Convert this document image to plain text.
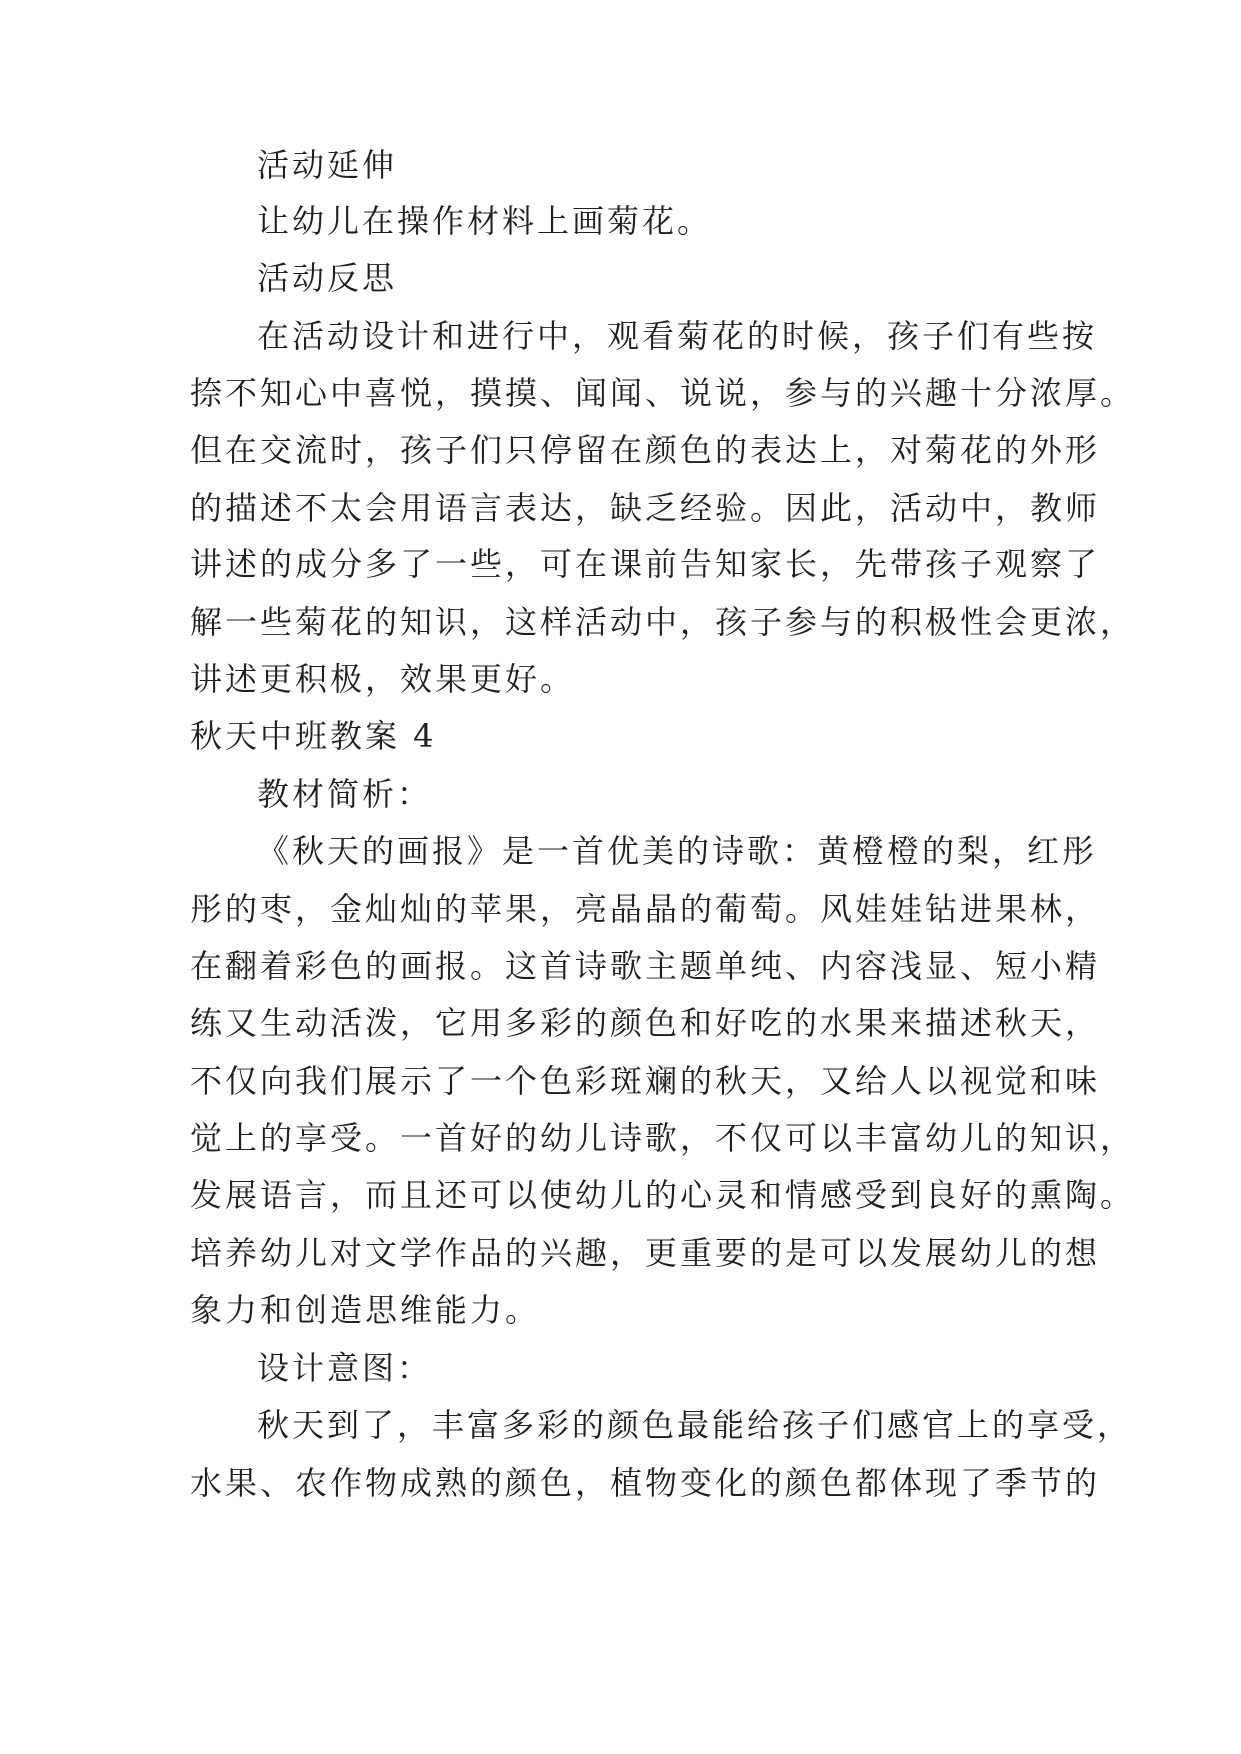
活动延伸

让幼儿在操作材料上画菊花。

活动反思

在活动设计和进行中，观看菊花的时候，孩子们有些按

捺不知心中喜悦，摸摸、闻闻、说说，参与的兴趣十分浓厚。

但在交流时，孩子们只停留在颜色的表达上，对菊花的外形

的描述不太会用语言表达，缺乏经验。因此，活动中，教师

讲述的成分多了一些，可在课前告知家长，先带孩子观察了

解一些菊花的知识，这样活动中，孩子参与的积极性会更浓，

讲述更积极，效果更好。

秋天中班教案 4

教材简析：

《秋天的画报》是一首优美的诗歌：黄橙橙的梨，红彤

彤的枣，金灿灿的苹果，亮晶晶的葡萄。风娃娃钻进果林，

在翻着彩色的画报。这首诗歌主题单纯、内容浅显、短小精

练又生动活泼，它用多彩的颜色和好吃的水果来描述秋天，

不仅向我们展示了一个色彩斑斓的秋天，又给人以视觉和味

觉上的享受。一首好的幼儿诗歌，不仅可以丰富幼儿的知识，

发展语言，而且还可以使幼儿的心灵和情感受到良好的熏陶。

培养幼儿对文学作品的兴趣，更重要的是可以发展幼儿的想

象力和创造思维能力。

设计意图：

秋天到了，丰富多彩的颜色最能给孩子们感官上的享受，

水果、农作物成熟的颜色，植物变化的颜色都体现了季节的
